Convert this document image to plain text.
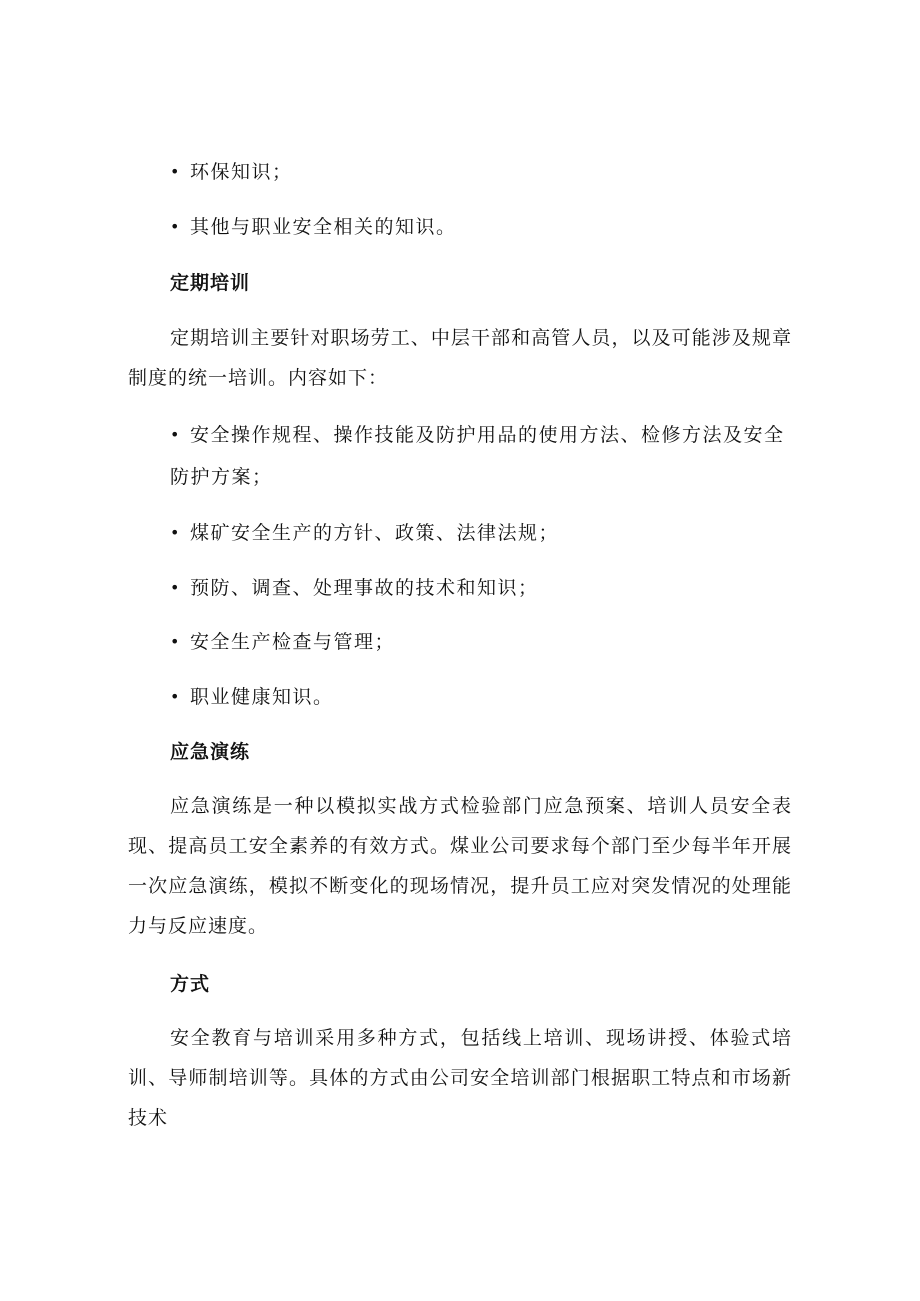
• 环保知识；
• 其他与职业安全相关的知识。
定期培训

定期培训主要针对职场劳工、中层干部和高管人员，以及可能涉及规章制度的统一培训。内容如下：

• 安全操作规程、操作技能及防护用品的使用方法、检修方法及安全防护方案；
• 煤矿安全生产的方针、政策、法律法规；
• 预防、调查、处理事故的技术和知识；
• 安全生产检查与管理；
• 职业健康知识。
应急演练

应急演练是一种以模拟实战方式检验部门应急预案、培训人员安全表现、提高员工安全素养的有效方式。煤业公司要求每个部门至少每半年开展一次应急演练，模拟不断变化的现场情况，提升员工应对突发情况的处理能力与反应速度。

方式

安全教育与培训采用多种方式，包括线上培训、现场讲授、体验式培训、导师制培训等。具体的方式由公司安全培训部门根据职工特点和市场新技术
